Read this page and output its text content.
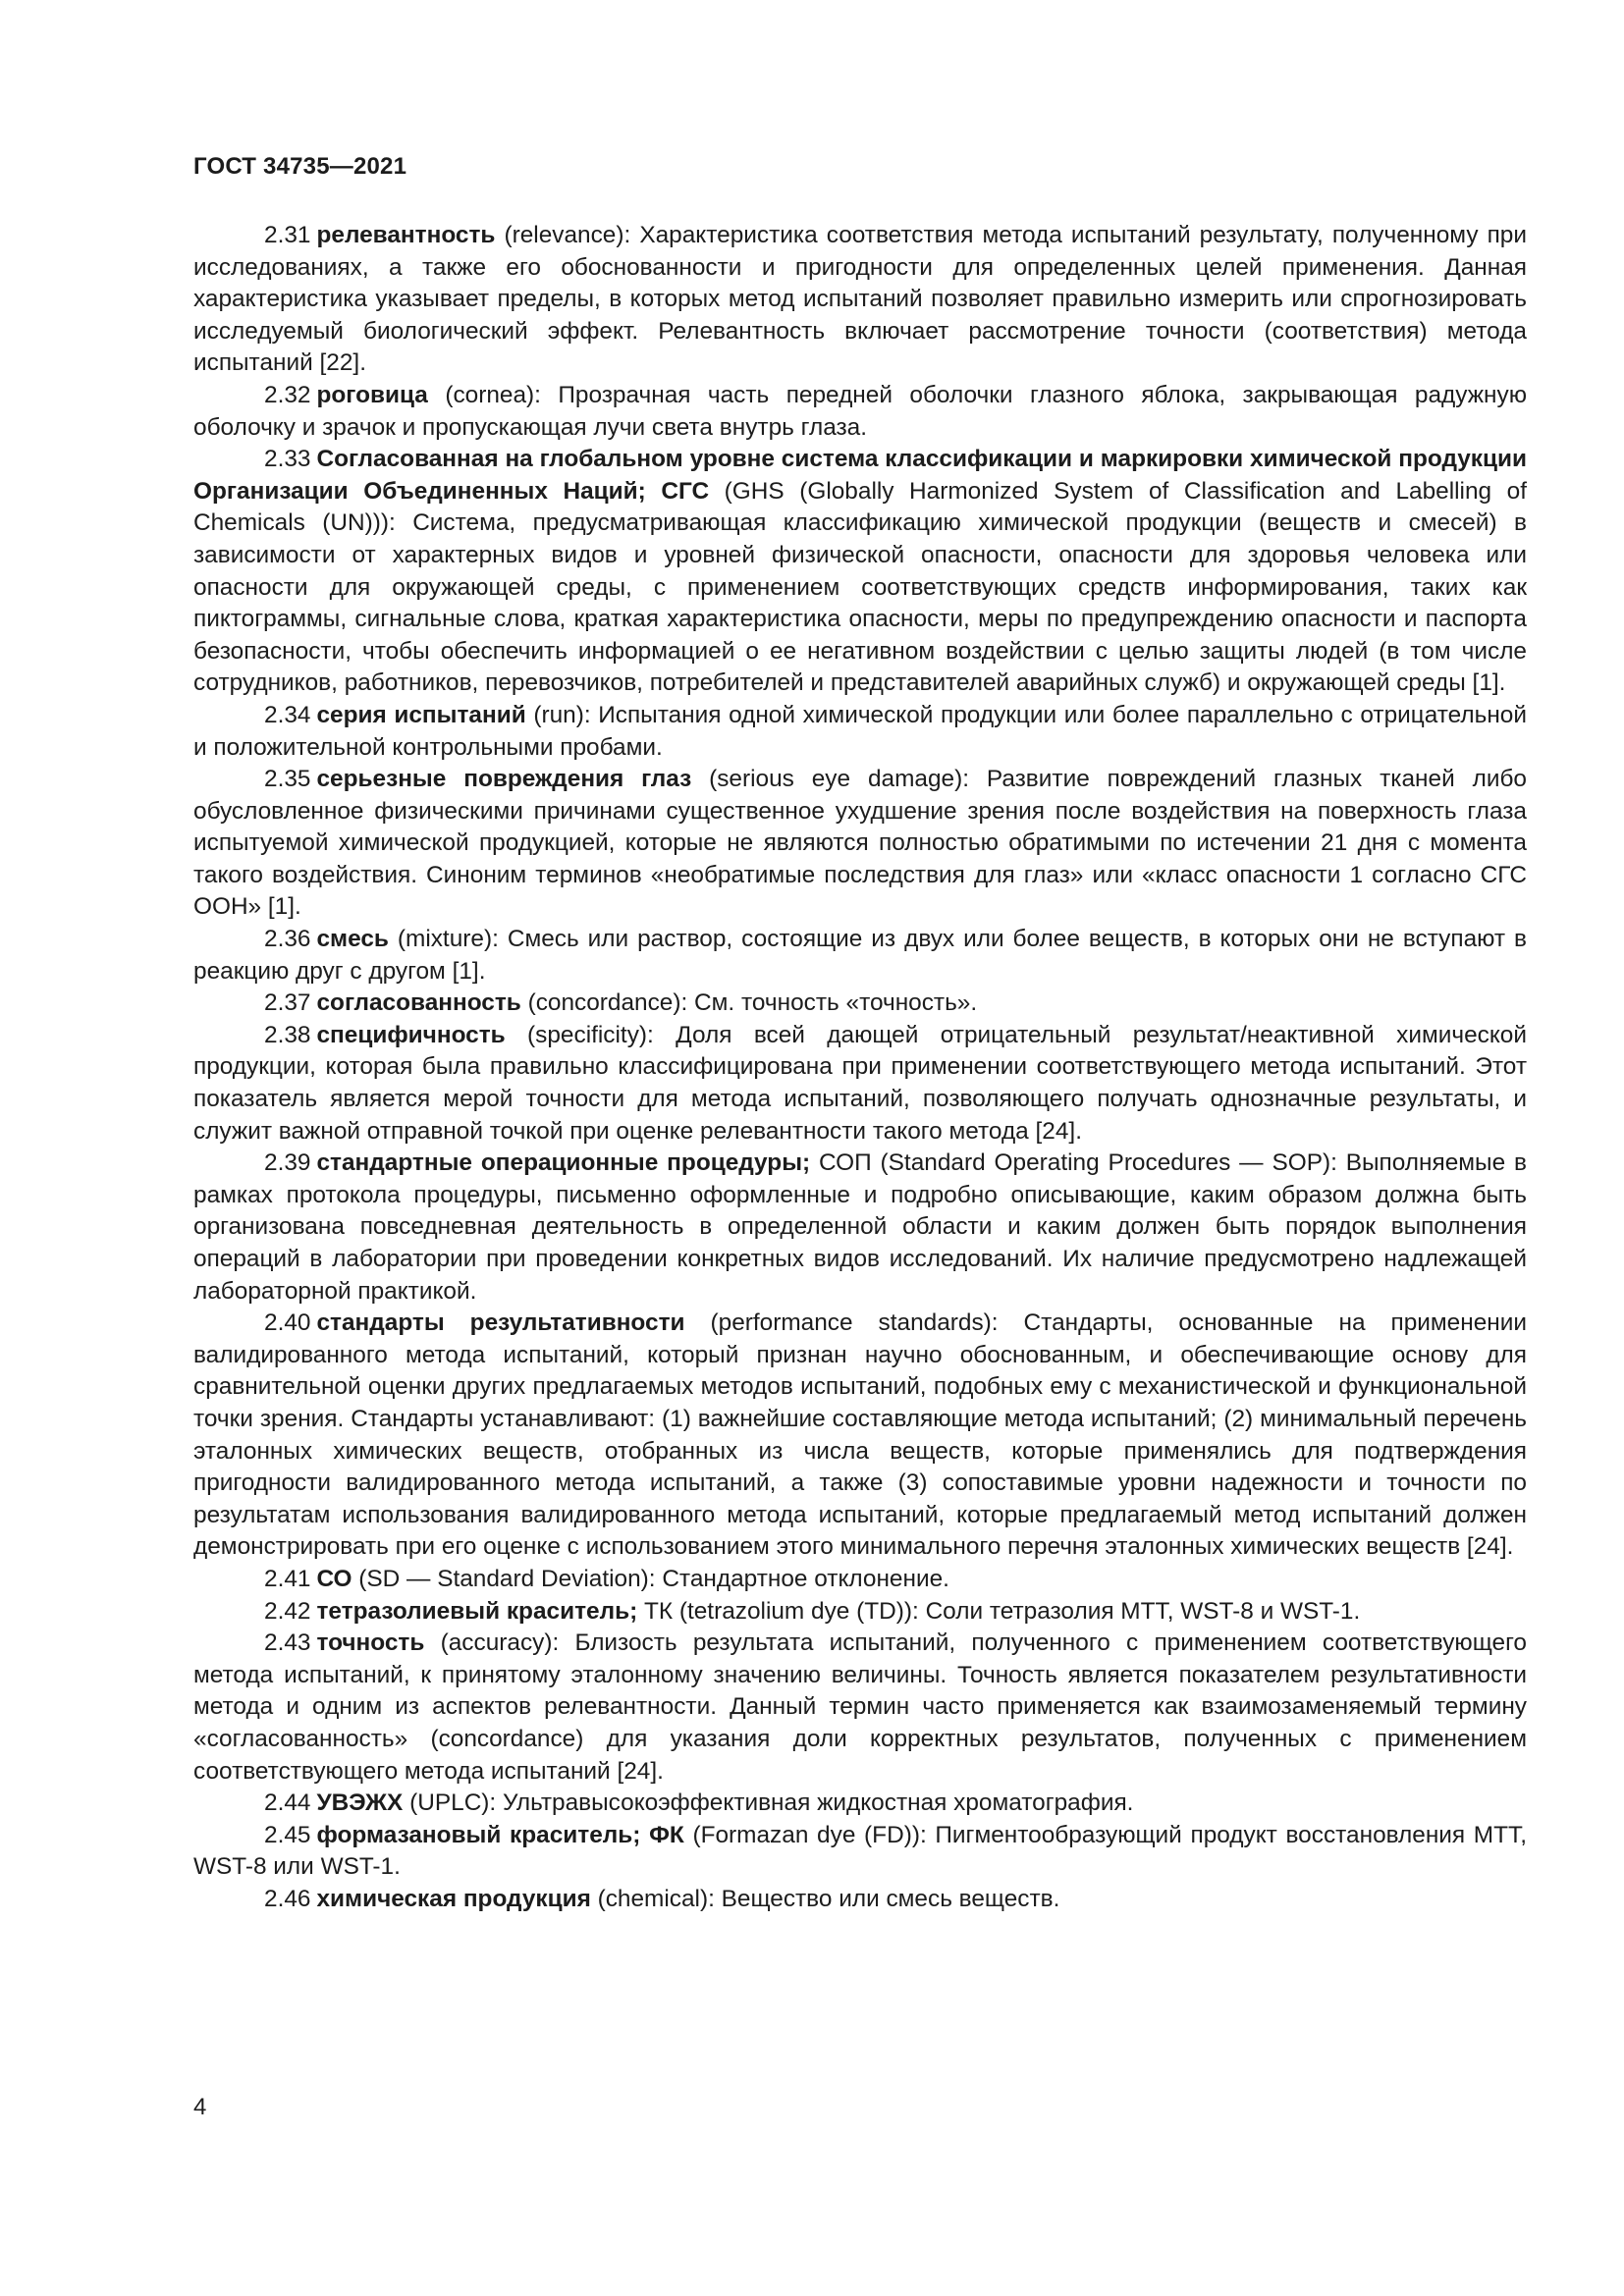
ГОСТ 34735—2021

2.31 релевантность (relevance): Характеристика соответствия метода испытаний результату, полученному при исследованиях, а также его обоснованности и пригодности для определенных целей применения. Данная характеристика указывает пределы, в которых метод испытаний позволяет правильно измерить или спрогнозировать исследуемый биологический эффект. Релевантность включает рассмотрение точности (соответствия) метода испытаний [22].

2.32 роговица (cornea): Прозрачная часть передней оболочки глазного яблока, закрывающая радужную оболочку и зрачок и пропускающая лучи света внутрь глаза.

2.33 Согласованная на глобальном уровне система классификации и маркировки химической продукции Организации Объединенных Наций; СГС (GHS (Globally Harmonized System of Classification and Labelling of Chemicals (UN))): Система, предусматривающая классификацию химической продукции (веществ и смесей) в зависимости от характерных видов и уровней физической опасности, опасности для здоровья человека или опасности для окружающей среды, с применением соответствующих средств информирования, таких как пиктограммы, сигнальные слова, краткая характеристика опасности, меры по предупреждению опасности и паспорта безопасности, чтобы обеспечить информацией о ее негативном воздействии с целью защиты людей (в том числе сотрудников, работников, перевозчиков, потребителей и представителей аварийных служб) и окружающей среды [1].

2.34 серия испытаний (run): Испытания одной химической продукции или более параллельно с отрицательной и положительной контрольными пробами.

2.35 серьезные повреждения глаз (serious eye damage): Развитие повреждений глазных тканей либо обусловленное физическими причинами существенное ухудшение зрения после воздействия на поверхность глаза испытуемой химической продукцией, которые не являются полностью обратимыми по истечении 21 дня с момента такого воздействия. Синоним терминов «необратимые последствия для глаз» или «класс опасности 1 согласно СГС ООН» [1].

2.36 смесь (mixture): Смесь или раствор, состоящие из двух или более веществ, в которых они не вступают в реакцию друг с другом [1].

2.37 согласованность (concordance): См. точность «точность».

2.38 специфичность (specificity): Доля всей дающей отрицательный результат/неактивной химической продукции, которая была правильно классифицирована при применении соответствующего метода испытаний. Этот показатель является мерой точности для метода испытаний, позволяющего получать однозначные результаты, и служит важной отправной точкой при оценке релевантности такого метода [24].

2.39 стандартные операционные процедуры; СОП (Standard Operating Procedures — SOP): Выполняемые в рамках протокола процедуры, письменно оформленные и подробно описывающие, каким образом должна быть организована повседневная деятельность в определенной области и каким должен быть порядок выполнения операций в лаборатории при проведении конкретных видов исследований. Их наличие предусмотрено надлежащей лабораторной практикой.

2.40 стандарты результативности (performance standards): Стандарты, основанные на применении валидированного метода испытаний, который признан научно обоснованным, и обеспечивающие основу для сравнительной оценки других предлагаемых методов испытаний, подобных ему с механистической и функциональной точки зрения. Стандарты устанавливают: (1) важнейшие составляющие метода испытаний; (2) минимальный перечень эталонных химических веществ, отобранных из числа веществ, которые применялись для подтверждения пригодности валидированного метода испытаний, а также (3) сопоставимые уровни надежности и точности по результатам использования валидированного метода испытаний, которые предлагаемый метод испытаний должен демонстрировать при его оценке с использованием этого минимального перечня эталонных химических веществ [24].

2.41 СО (SD — Standard Deviation): Стандартное отклонение.

2.42 тетразолиевый краситель; ТК (tetrazolium dye (TD)): Соли тетразолия МТТ, WST-8 и WST-1.

2.43 точность (accuracy): Близость результата испытаний, полученного с применением соответствующего метода испытаний, к принятому эталонному значению величины. Точность является показателем результативности метода и одним из аспектов релевантности. Данный термин часто применяется как взаимозаменяемый термину «согласованность» (concordance) для указания доли корректных результатов, полученных с применением соответствующего метода испытаний [24].

2.44 УВЭЖХ (UPLC): Ультравысокоэффективная жидкостная хроматография.

2.45 формазановый краситель; ФК (Formazan dye (FD)): Пигментообразующий продукт восстановления МТТ, WST-8 или WST-1.

2.46 химическая продукция (chemical): Вещество или смесь веществ.

4
